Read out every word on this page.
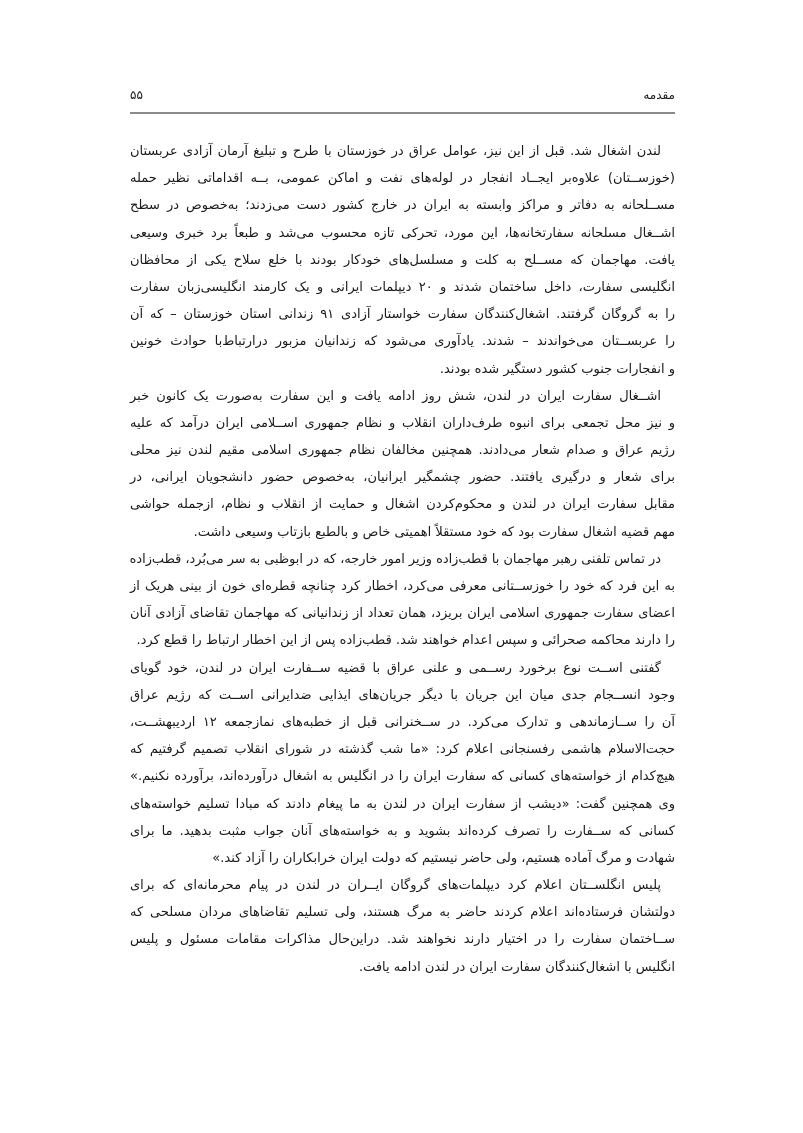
مقدمه
۵۵
لندن اشغال شد. قبل از این نیز، عوامل عراق در خوزستان با طرح و تبلیغ آرمان آزادی عربستان
(خوزســتان) علاوه‌بر ایجــاد انفجار در لوله‌های نفت و اماکن عمومی، بــه اقداماتی نظیر حمله
مســلحانه به دفاتر و مراکز وابسته به ایران در خارج کشور دست می‌زدند؛ به‌خصوص در سطح
اشــغال مسلحانه سفارتخانه‌ها، این مورد، تحرکی تازه محسوب می‌شد و طبعاً برد خبری وسیعی
یافت. مهاجمان که مســلح به کلت و مسلسل‌های خودکار بودند با خلع سلاح یکی از محافظان
انگلیسی سفارت، داخل ساختمان شدند و ۲۰ دیپلمات ایرانی و یک کارمند انگلیسی‌زبان سفارت
را به گروگان گرفتند. اشغال‌کنندگان سفارت خواستار آزادی ۹۱ زندانی استان خوزستان – که آن
را عربســتان می‌خواندند – شدند. یادآوری می‌شود که زندانیان مزبور درارتباط‌با حوادث خونین
و انفجارات جنوب کشور دستگیر شده بودند.
اشــغال سفارت ایران در لندن، شش روز ادامه یافت و این سفارت به‌صورت یک کانون خبر
و نیز محل تجمعی برای انبوه طرف‌داران انقلاب و نظام جمهوری اســلامی ایران درآمد که علیه
رژیم عراق و صدام شعار می‌دادند. همچنین مخالفان نظام جمهوری اسلامی مقیم لندن نیز محلی
برای شعار و درگیری یافتند. حضور چشمگیر ایرانیان، به‌خصوص حضور دانشجویان ایرانی، در
مقابل سفارت ایران در لندن و محکوم‌کردن اشغال و حمایت از انقلاب و نظام، ازجمله حواشی
مهم قضیه اشغال سفارت بود که خود مستقلاً اهمیتی خاص و بالطبع بازتاب وسیعی داشت.
در تماس تلفنی رهبر مهاجمان با قطب‌زاده وزیر امور خارجه، که در ابوظبی به سر می‌بُرد، قطب‌زاده
به این فرد که خود را خوزســتانی معرفی می‌کرد، اخطار کرد چنانچه قطره‌ای خون از بینی هریک از
اعضای سفارت جمهوری اسلامی ایران بریزد، همان تعداد از زندانیانی که مهاجمان تقاضای آزادی آنان
را دارند محاکمه صحرائی و سپس اعدام خواهند شد. قطب‌زاده پس از این اخطار ارتباط را قطع کرد.
گفتنی اســت نوع برخورد رســمی و علنی عراق با قضیه ســفارت ایران در لندن، خود گویای
وجود انســجام جدی میان این جریان با دیگر جریان‌های ایذایی ضدایرانی اســت که رژیم عراق
آن را ســازماندهی و تدارک می‌کرد. در ســخنرانی قبل از خطبه‌های نمازجمعه ۱۲ اردیبهشــت،
حجت‌الاسلام هاشمی رفسنجانی اعلام کرد: «ما شب گذشته در شورای انقلاب تصمیم گرفتیم که
هیچ‌کدام از خواسته‌های کسانی که سفارت ایران را در انگلیس به اشغال درآورده‌اند، برآورده نکنیم.»
وی همچنین گفت: «دیشب از سفارت ایران در لندن به ما پیغام دادند که مبادا تسلیم خواسته‌های
کسانی که ســفارت را تصرف کرده‌اند بشوید و به خواسته‌های آنان جواب مثبت بدهید. ما برای
شهادت و مرگ آماده هستیم، ولی حاضر نیستیم که دولت ایران خرابکاران را آزاد کند.»
پلیس انگلســتان اعلام کرد دیپلمات‌های گروگان ایــران در لندن در پیام محرمانه‌ای که برای
دولتشان فرستاده‌اند اعلام کردند حاضر به مرگ هستند، ولی تسلیم تقاضاهای مردان مسلحی که
ســاختمان سفارت را در اختیار دارند نخواهند شد. دراین‌حال مذاکرات مقامات مسئول و پلیس
انگلیس با اشغال‌کنندگان سفارت ایران در لندن ادامه یافت.
